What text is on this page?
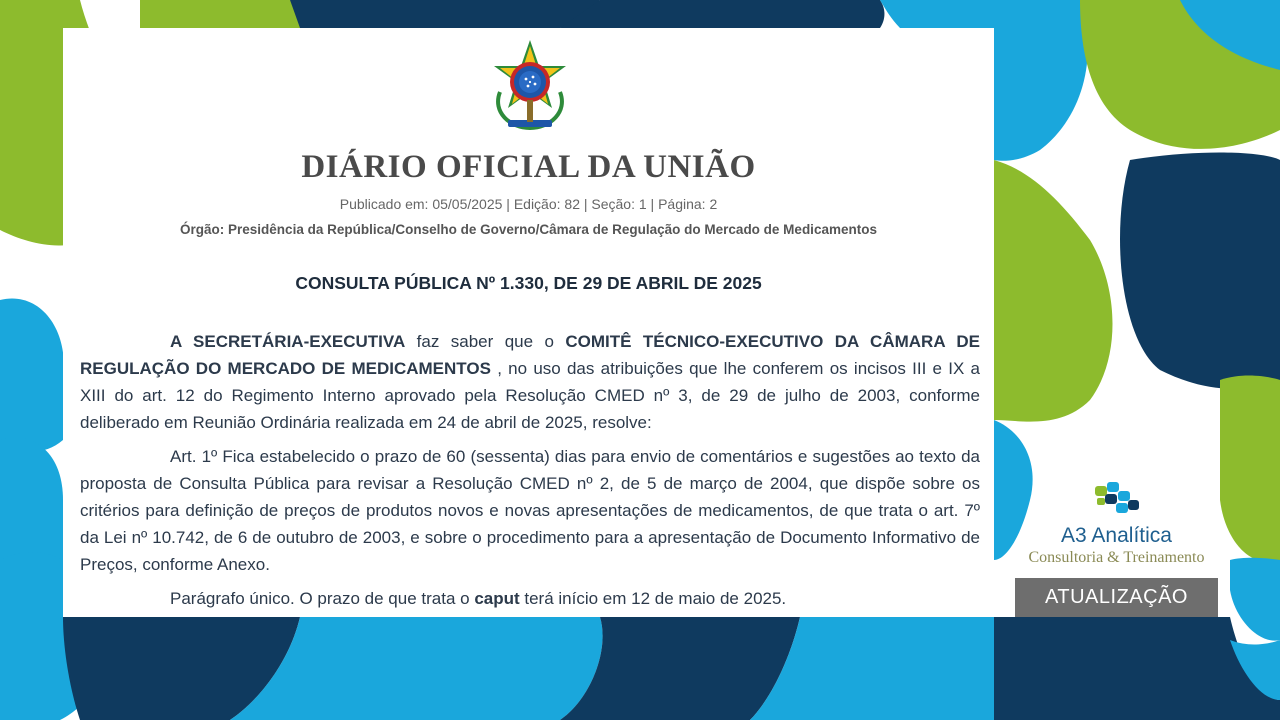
DIÁRIO OFICIAL DA UNIÃO
Publicado em: 05/05/2025 | Edição: 82 | Seção: 1 | Página: 2
Órgão: Presidência da República/Conselho de Governo/Câmara de Regulação do Mercado de Medicamentos
CONSULTA PÚBLICA Nº 1.330, DE 29 DE ABRIL DE 2025

A SECRETÁRIA-EXECUTIVA faz saber que o COMITÊ TÉCNICO-EXECUTIVO DA CÂMARA DE REGULAÇÃO DO MERCADO DE MEDICAMENTOS , no uso das atribuições que lhe conferem os incisos III e IX a XIII do art. 12 do Regimento Interno aprovado pela Resolução CMED nº 3, de 29 de julho de 2003, conforme deliberado em Reunião Ordinária realizada em 24 de abril de 2025, resolve:

Art. 1º Fica estabelecido o prazo de 60 (sessenta) dias para envio de comentários e sugestões ao texto da proposta de Consulta Pública para revisar a Resolução CMED nº 2, de 5 de março de 2004, que dispõe sobre os critérios para definição de preços de produtos novos e novas apresentações de medicamentos, de que trata o art. 7º da Lei nº 10.742, de 6 de outubro de 2003, e sobre o procedimento para a apresentação de Documento Informativo de Preços, conforme Anexo.

Parágrafo único. O prazo de que trata o caput terá início em 12 de maio de 2025.

A3 Analítica
Consultoria & Treinamento
ATUALIZAÇÃO
